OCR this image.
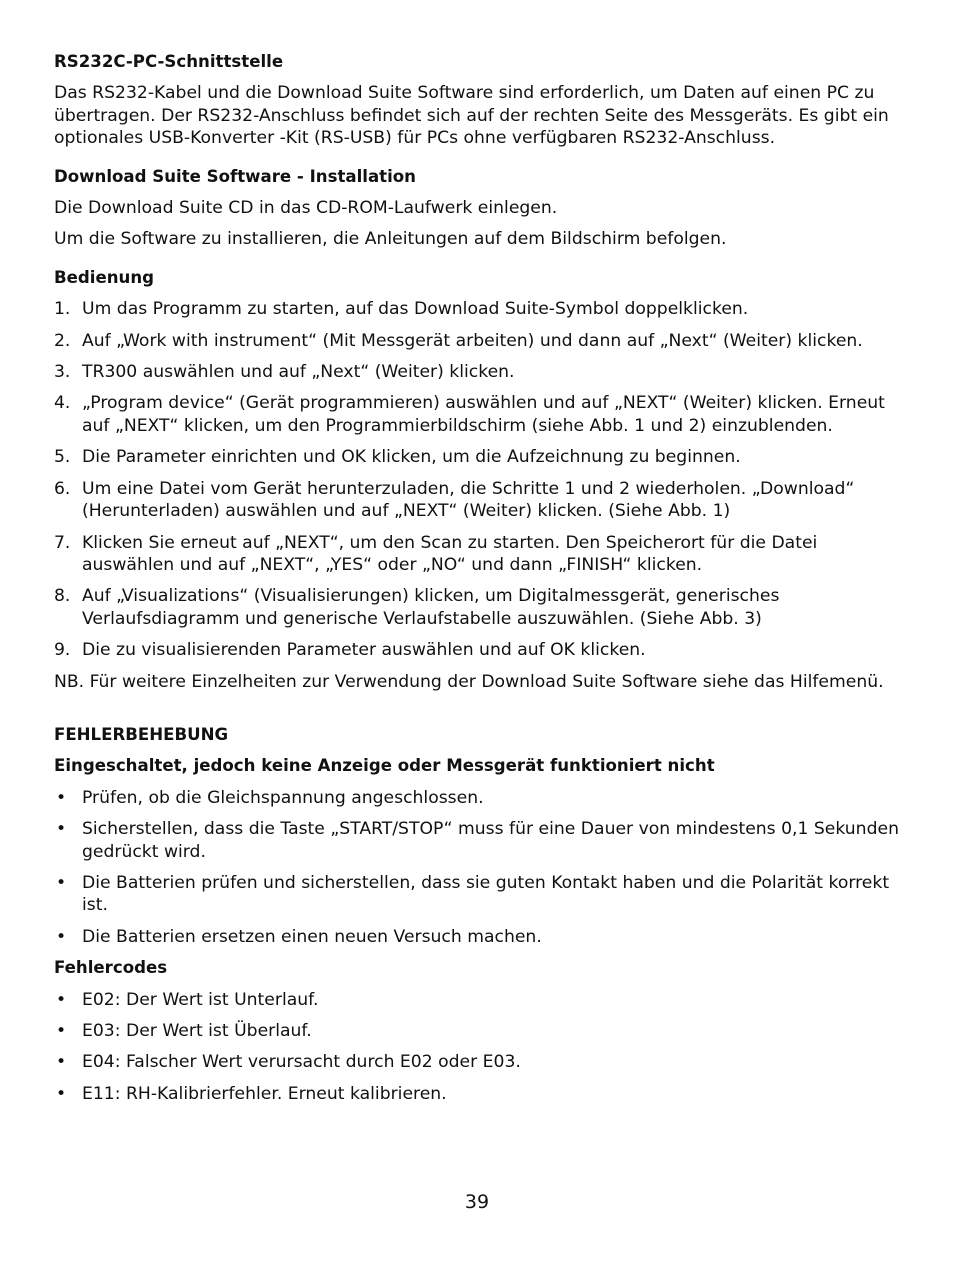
RS232C-PC-Schnittstelle
Das RS232-Kabel und die Download Suite Software sind erforderlich, um Daten auf einen PC zu übertragen. Der RS232-Anschluss befindet sich auf der rechten Seite des Messgeräts. Es gibt ein optionales USB-Konverter -Kit (RS-USB) für PCs ohne verfügbaren RS232-Anschluss.
Download Suite Software - Installation
Die Download Suite CD in das CD-ROM-Laufwerk einlegen.
Um die Software zu installieren, die Anleitungen auf dem Bildschirm befolgen.
Bedienung
1. Um das Programm zu starten, auf das Download Suite-Symbol doppelklicken.
2. Auf „Work with instrument“ (Mit Messgerät arbeiten) und dann auf „Next“ (Weiter) klicken.
3. TR300 auswählen und auf „Next“ (Weiter) klicken.
4. „Program device“ (Gerät programmieren) auswählen und auf „NEXT“ (Weiter) klicken. Erneut auf „NEXT“ klicken, um den Programmierbildschirm (siehe Abb. 1 und 2) einzublenden.
5. Die Parameter einrichten und OK klicken, um die Aufzeichnung zu beginnen.
6. Um eine Datei vom Gerät herunterzuladen, die Schritte 1 und 2 wiederholen. „Download“ (Herunterladen) auswählen und auf „NEXT“ (Weiter) klicken. (Siehe Abb. 1)
7. Klicken Sie erneut auf „NEXT“, um den Scan zu starten. Den Speicherort für die Datei auswählen und auf „NEXT“, „YES“ oder „NO“ und dann „FINISH“ klicken.
8. Auf „Visualizations“ (Visualisierungen) klicken, um Digitalmessgerät, generisches Verlaufsdiagramm und generische Verlaufstabelle auszuwählen. (Siehe Abb. 3)
9. Die zu visualisierenden Parameter auswählen und auf OK klicken.
NB. Für weitere Einzelheiten zur Verwendung der Download Suite Software siehe das Hilfemenü.
FEHLERBEHEBUNG
Eingeschaltet, jedoch keine Anzeige oder Messgerät funktioniert nicht
• Prüfen, ob die Gleichspannung angeschlossen.
• Sicherstellen, dass die Taste „START/STOP“ muss für eine Dauer von mindestens 0,1 Sekunden gedrückt wird.
• Die Batterien prüfen und sicherstellen, dass sie guten Kontakt haben und die Polarität korrekt ist.
• Die Batterien ersetzen einen neuen Versuch machen.
Fehlercodes
• E02: Der Wert ist Unterlauf.
• E03: Der Wert ist Überlauf.
• E04: Falscher Wert verursacht durch E02 oder E03.
• E11: RH-Kalibrierfehler. Erneut kalibrieren.
39
